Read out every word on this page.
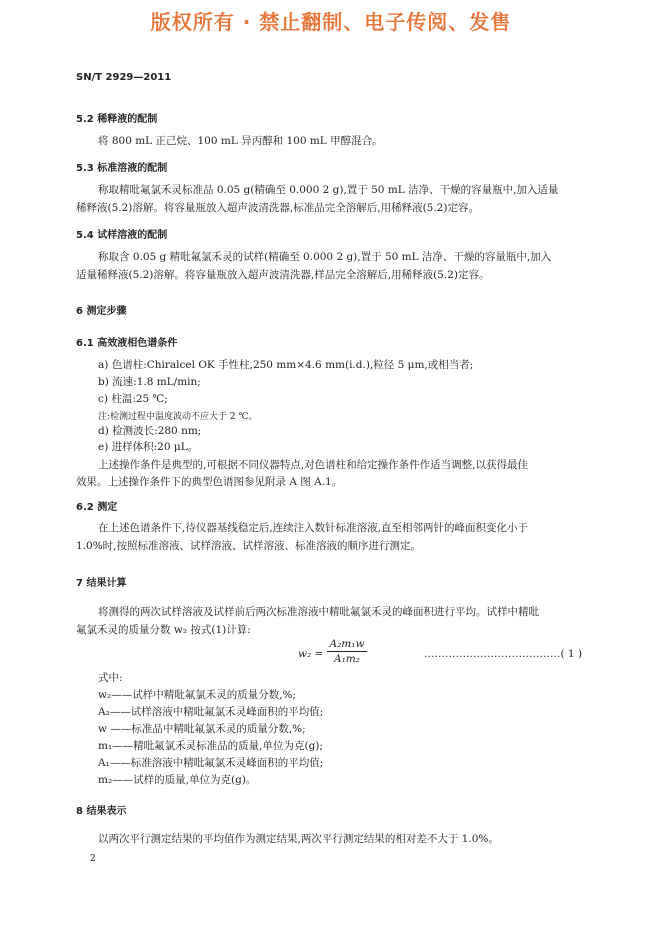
版权所有 · 禁止翻制、电子传阅、发售
SN/T 2929—2011
5.2 稀释液的配制
将 800 mL 正己烷、100 mL 异丙醇和 100 mL 甲醇混合。
5.3 标准溶液的配制
称取精吡氟氯禾灵标准品 0.05 g(精确至 0.000 2 g),置于 50 mL 洁净、干燥的容量瓶中,加入适量
稀释液(5.2)溶解。将容量瓶放入超声波清洗器,标准品完全溶解后,用稀释液(5.2)定容。
5.4 试样溶液的配制
称取含 0.05 g 精吡氟氯禾灵的试样(精确至 0.000 2 g),置于 50 mL 洁净、干燥的容量瓶中,加入
适量稀释液(5.2)溶解。将容量瓶放入超声波清洗器,样品完全溶解后,用稀释液(5.2)定容。
6 测定步骤
6.1 高效液相色谱条件
a) 色谱柱:Chiralcel OK 手性柱,250 mm×4.6 mm(i.d.),粒径 5 μm,或相当者;
b) 流速:1.8 mL/min;
c) 柱温:25 ℃;
注:检测过程中温度波动不应大于 2 ℃。
d) 检测波长:280 nm;
e) 进样体积:20 μL。
上述操作条件是典型的,可根据不同仪器特点,对色谱柱和给定操作条件作适当调整,以获得最佳
效果。上述操作条件下的典型色谱图参见附录 A 图 A.1。
6.2 测定
在上述色谱条件下,待仪器基线稳定后,连续注入数针标准溶液,直至相邻两针的峰面积变化小于
1.0%时,按照标准溶液、试样溶液、试样溶液、标准溶液的顺序进行测定。
7 结果计算
将测得的两次试样溶液及试样前后两次标准溶液中精吡氟氯禾灵的峰面积进行平均。试样中精吡
氟氯禾灵的质量分数 w₂ 按式(1)计算:
$w_2 = \frac{\text{A₂m₁w}}{\text{A₁m₂}}$	…………………………………( 1 )
式中:
w₂——试样中精吡氟氯禾灵的质量分数,%;
A₂——试样溶液中精吡氟氯禾灵峰面积的平均值;
w ——标准品中精吡氟氯禾灵的质量分数,%;
m₁——精吡氟氯禾灵标准品的质量,单位为克(g);
A₁——标准溶液中精吡氟氯禾灵峰面积的平均值;
m₂——试样的质量,单位为克(g)。
8 结果表示
以两次平行测定结果的平均值作为测定结果,两次平行测定结果的相对差不大于 1.0%。
2
